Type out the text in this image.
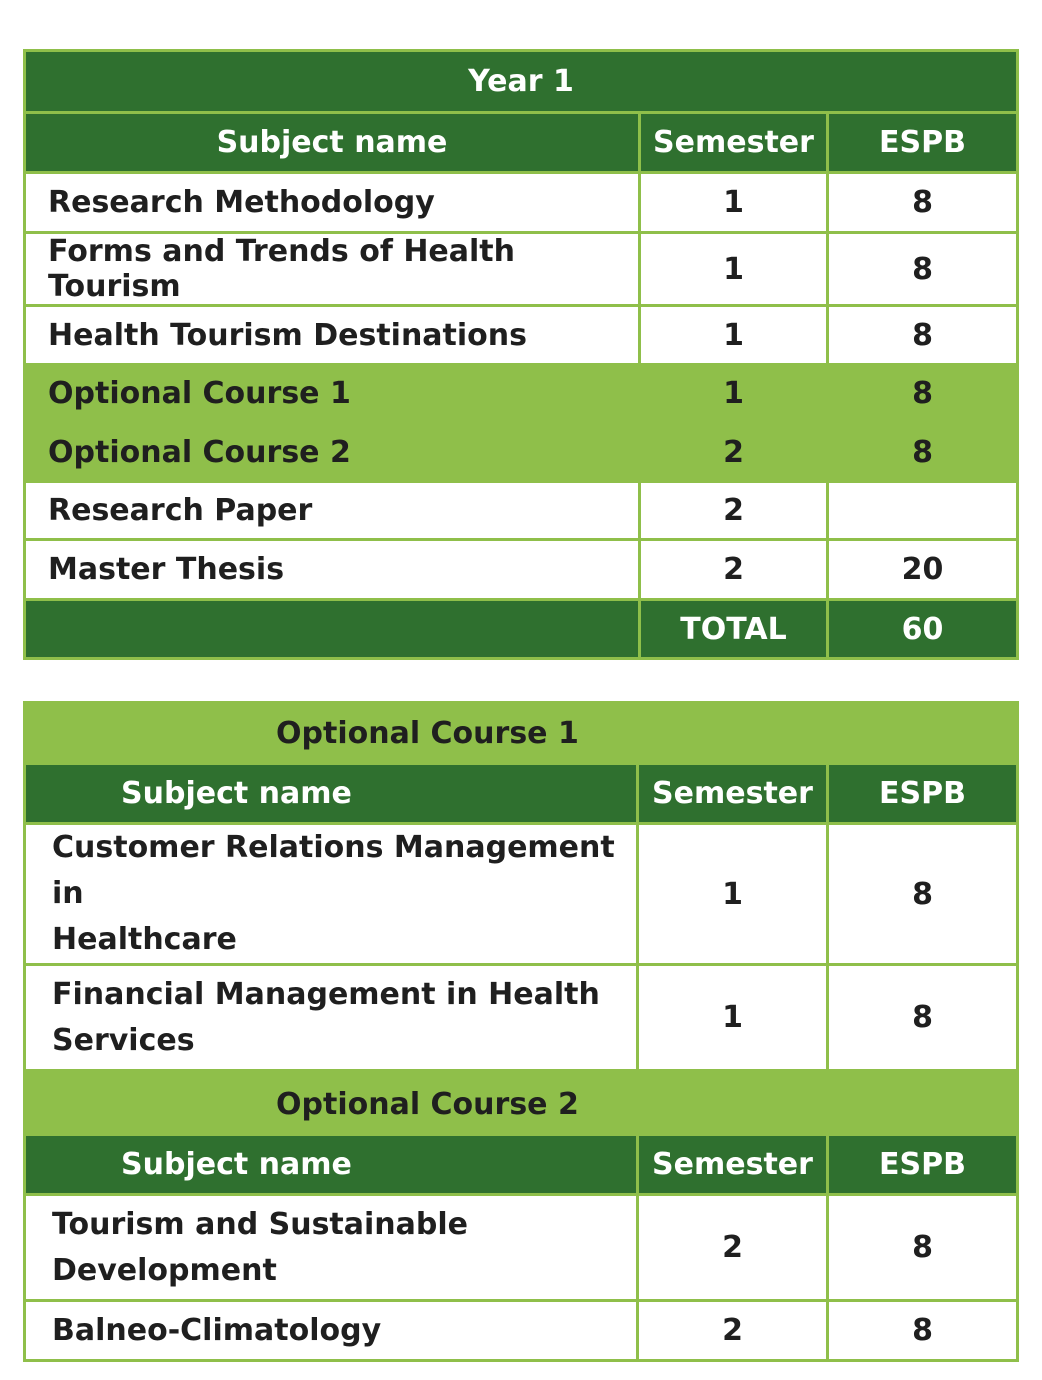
Year 1		
Subject name	Semester	ESPB
Research Methodology	1	8
Forms and Trends of Health Tourism	1	8
Health Tourism Destinations	1	8
Optional Course 1	1	8
Optional Course 2	2	8
Research Paper	2	
Master Thesis	2	20
	TOTAL	60
Optional Course 1		
Subject name	Semester	ESPB
Customer Relations Management in
Healthcare	1	8
Financial Management in Health
Services	1	8
Optional Course 2		
Subject name	Semester	ESPB
Tourism and Sustainable
Development	2	8
Balneo-Climatology	2	8
